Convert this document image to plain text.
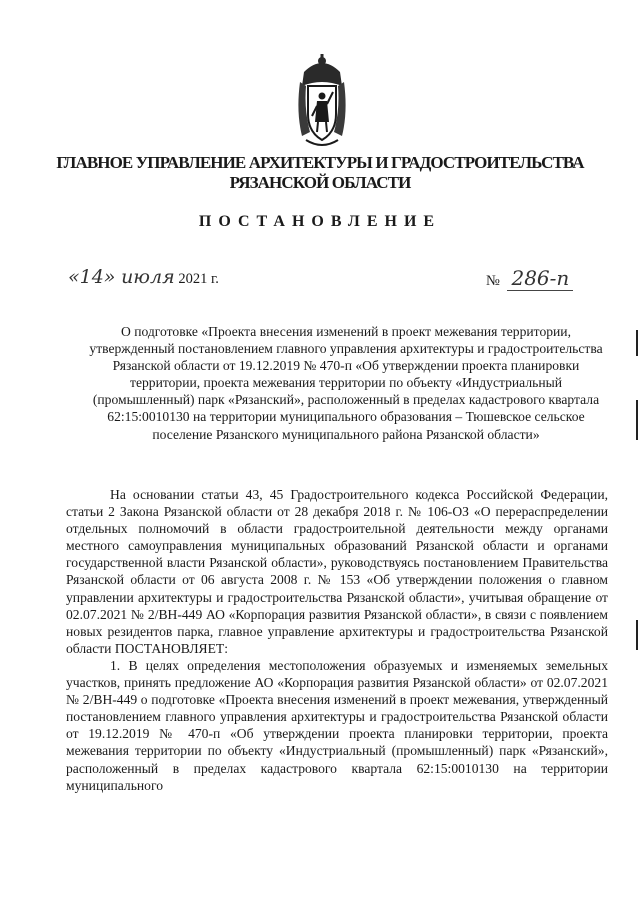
ГЛАВНОЕ УПРАВЛЕНИЕ АРХИТЕКТУРЫ И ГРАДОСТРОИТЕЛЬСТВА
РЯЗАНСКОЙ ОБЛАСТИ
ПОСТАНОВЛЕНИЕ
«14» июля 2021 г.	№ 286-п
О подготовке «Проекта внесения изменений в проект межевания территории, утвержденный постановлением главного управления архитектуры и градостроительства Рязанской области от 19.12.2019 № 470-п «Об утверждении проекта планировки территории, проекта межевания территории по объекту «Индустриальный (промышленный) парк «Рязанский», расположенный в пределах кадастрового квартала 62:15:0010130 на территории муниципального образования – Тюшевское сельское поселение Рязанского муниципального района Рязанской области»
На основании статьи 43, 45 Градостроительного кодекса Российской Федерации, статьи 2 Закона Рязанской области от 28 декабря 2018 г. № 106-ОЗ «О перераспределении отдельных полномочий в области градостроительной деятельности между органами местного самоуправления муниципальных образований Рязанской области и органами государственной власти Рязанской области», руководствуясь постановлением Правительства Рязанской области от 06 августа 2008 г. № 153 «Об утверждении положения о главном управлении архитектуры и градостроительства Рязанской области», учитывая обращение от 02.07.2021 № 2/ВН-449 АО «Корпорация развития Рязанской области», в связи с появлением новых резидентов парка, главное управление архитектуры и градостроительства Рязанской области ПОСТАНОВЛЯЕТ:
1. В целях определения местоположения образуемых и изменяемых земельных участков, принять предложение АО «Корпорация развития Рязанской области» от 02.07.2021 № 2/ВН-449 о подготовке «Проекта внесения изменений в проект межевания, утвержденный постановлением главного управления архитектуры и градостроительства Рязанской области от 19.12.2019 № 470-п «Об утверждении проекта планировки территории, проекта межевания территории по объекту «Индустриальный (промышленный) парк «Рязанский», расположенный в пределах кадастрового квартала 62:15:0010130 на территории муниципального
